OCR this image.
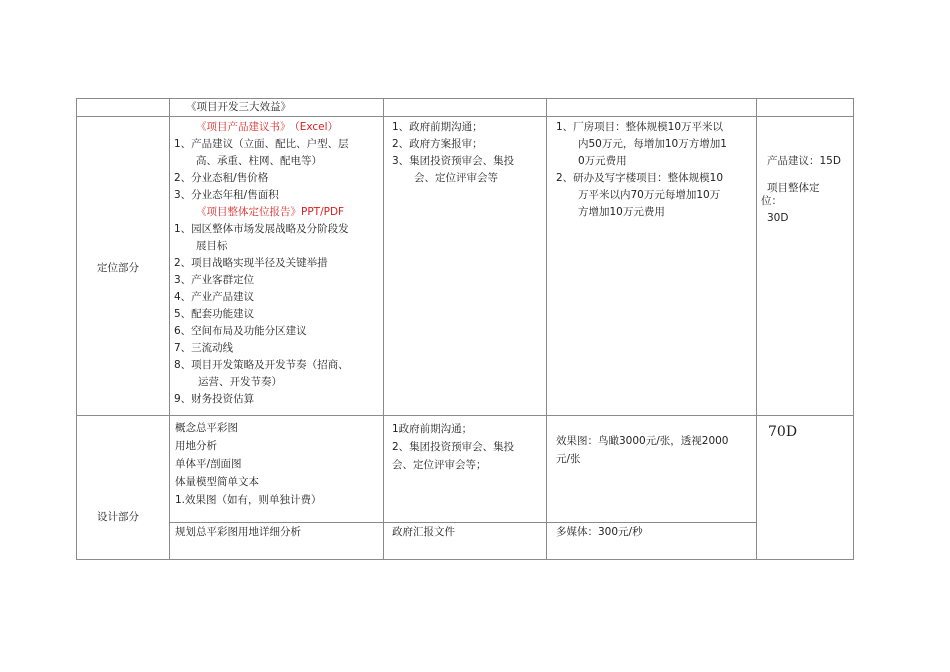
《项目开发三大效益》
定位部分
《项目产品建议书》 （Excel）
1、产品建议（立面、配比、户型、层
高、承重、柱网、配电等）
2、分业态租/售价格
3、分业态年租/售面积
《项目整体定位报告》PPT/PDF
1、园区整体市场发展战略及分阶段发
展目标
2、项目战略实现半径及关键举措
3、产业客群定位
4、产业产品建议
5、配套功能建议
6、空间布局及功能分区建议
7、三流动线
8、项目开发策略及开发节奏（招商、
运营、开发节奏）
9、财务投资估算
1、政府前期沟通；
2、政府方案报审；
3、集团投资预审会、集投
会、定位评审会等
1、厂房项目：整体规模10万平米以
内50万元，每增加10万方增加1
0万元费用
2、研办及写字楼项目：整体规模10
万平米以内70万元每增加10万
方增加10万元费用
产品建议：15D
项目整体定
位：
30D
设计部分
概念总平彩图
用地分析
单体平/剖面图
体量模型简单文本
1.效果图（如有，则单独计费）
规划总平彩图用地详细分析
1政府前期沟通；
2、集团投资预审会、集投
会、定位评审会等；
政府汇报文件
效果图：鸟瞰3000元/张，透视2000
元/张
多媒体：300元/秒
70D
